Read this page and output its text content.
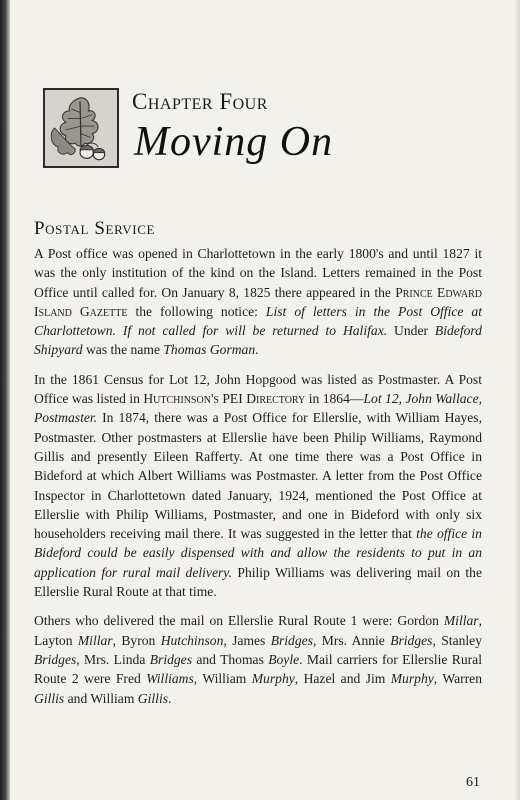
Chapter Four
Moving On
Postal Service

A Post office was opened in Charlottetown in the early 1800's and until 1827 it was the only institution of the kind on the Island. Letters remained in the Post Office until called for. On January 8, 1825 there appeared in the Prince Edward Island Gazette the following notice: List of letters in the Post Office at Charlottetown. If not called for will be returned to Halifax. Under Bideford Shipyard was the name Thomas Gorman.

In the 1861 Census for Lot 12, John Hopgood was listed as Postmaster. A Post Office was listed in Hutchinson's PEI Directory in 1864—Lot 12, John Wallace, Postmaster. In 1874, there was a Post Office for Ellerslie, with William Hayes, Postmaster. Other postmasters at Ellerslie have been Philip Williams, Raymond Gillis and presently Eileen Rafferty. At one time there was a Post Office in Bideford at which Albert Williams was Postmaster. A letter from the Post Office Inspector in Charlottetown dated January, 1924, mentioned the Post Office at Ellerslie with Philip Williams, Postmaster, and one in Bideford with only six householders receiving mail there. It was suggested in the letter that the office in Bideford could be easily dispensed with and allow the residents to put in an application for rural mail delivery. Philip Williams was delivering mail on the Ellerslie Rural Route at that time.

Others who delivered the mail on Ellerslie Rural Route 1 were: Gordon Millar, Layton Millar, Byron Hutchinson, James Bridges, Mrs. Annie Bridges, Stanley Bridges, Mrs. Linda Bridges and Thomas Boyle. Mail carriers for Ellerslie Rural Route 2 were Fred Williams, William Murphy, Hazel and Jim Murphy, Warren Gillis and William Gillis.

61
